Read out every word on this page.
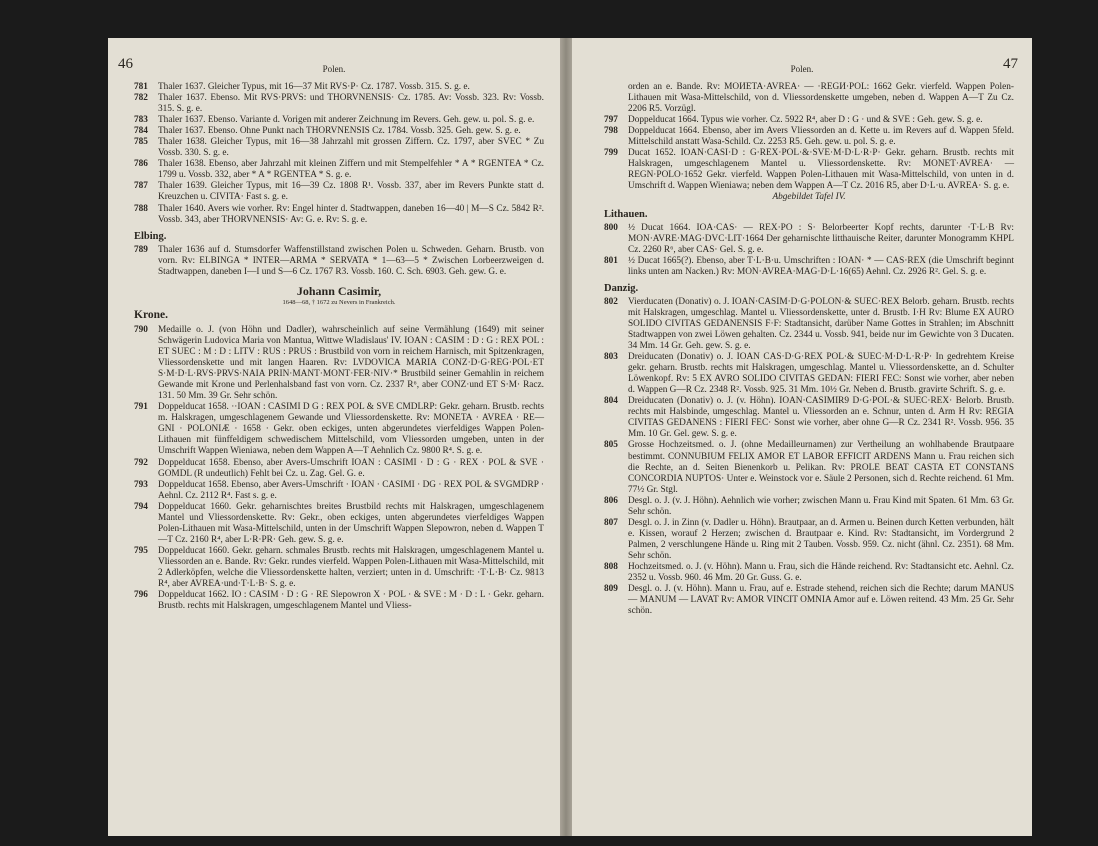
46	Polen.
781	Thaler 1637. Gleicher Typus, mit 16—37 Mit RVS·P· Cz. 1787. Vossb. 315. S. g. e.
782	Thaler 1637. Ebenso. Mit RVS·PRVS: und THORVNENSIS· Cz. 1785. Av: Vossb. 323. Rv: Vossb. 315. S. g. e.
783	Thaler 1637. Ebenso. Variante d. Vorigen mit anderer Zeichnung im Revers. Geh. gew. u. pol. S. g. e.
784	Thaler 1637. Ebenso. Ohne Punkt nach THORVNENSIS Cz. 1784. Vossb. 325. Geh. gew. S. g. e.
785	Thaler 1638. Gleicher Typus, mit 16—38 Jahrzahl mit grossen Ziffern. Cz. 1797, aber SVEC * Zu Vossb. 330. S. g. e.
786	Thaler 1638. Ebenso, aber Jahrzahl mit kleinen Ziffern und mit Stempelfehler * A * RGENTEA * Cz. 1799 u. Vossb. 332, aber * A * RGENTEA * S. g. e.
787	Thaler 1639. Gleicher Typus, mit 16—39 Cz. 1808 R¹. Vossb. 337, aber im Revers Punkte statt d. Kreuzchen u. CIVITA· Fast s. g. e.
788	Thaler 1640. Avers wie vorher. Rv: Engel hinter d. Stadtwappen, daneben 16—40 | M—S Cz. 5842 R². Vossb. 343, aber THORVNENSIS· Av: G. e. Rv: S. g. e.
Elbing.
789	Thaler 1636 auf d. Stumsdorfer Waffenstillstand zwischen Polen u. Schweden. Geharn. Brustb. von vorn. Rv: ELBINGA * INTER—ARMA * SERVATA * 1—63—5 * Zwischen Lorbeerzweigen d. Stadtwappen, daneben I—I und S—6 Cz. 1767 R3. Vossb. 160. C. Sch. 6903. Geh. gew. G. e.
Johann Casimir,
1648—68, † 1672 zu Nevers in Frankreich.
Krone.
790	Medaille o. J. (von Höhn und Dadler), wahrscheinlich auf seine Vermählung (1649) mit seiner Schwägerin Ludovica Maria von Mantua, Wittwe Wladislaus' IV. IOAN : CASIM : D : G : REX POL : ET SUEC : M : D : LITV : RUS : PRUS : Brustbild von vorn in reichem Harnisch, mit Spitzenkragen, Vliessordenskette und mit langen Haaren. Rv: LVDOVICA MARIA CONZ·D·G·REG·POL·ET S·M·D·L·RVS·PRVS·NAIA PRIN·MANT·MONT·FER·NIV·* Brustbild seiner Gemahlin in reichem Gewande mit Krone und Perlenhalsband fast von vorn. Cz. 2337 R⁶, aber CONZ·und ET S·M· Racz. 131. 50 Mm. 39 Gr. Sehr schön.
791	Doppelducat 1658. ··IOAN : CASIMI D G : REX POL & SVE CMDLRP: Gekr. geharn. Brustb. rechts m. Halskragen, umgeschlagenem Gewande und Vliessordenskette. Rv: MONETA · AVREA · RE—GNI · POLONIÆ · 1658 · Gekr. oben eckiges, unten abgerundetes vierfeldiges Wappen Polen-Lithauen mit fünffeldigem schwedischem Mittelschild, vom Vliessorden umgeben, unten in der Umschrift Wappen Wieniawa, neben dem Wappen A—T Aehnlich Cz. 9800 R⁴. S. g. e.
792	Doppelducat 1658. Ebenso, aber Avers-Umschrift IOAN : CASIMI · D : G · REX · POL & SVE · GOMDL (R undeutlich) Fehlt bei Cz. u. Zag. Gel. G. e.
793	Doppelducat 1658. Ebenso, aber Avers-Umschrift · IOAN · CASIMI · DG · REX POL & SVGMDRP · Aehnl. Cz. 2112 R⁴. Fast s. g. e.
794	Doppelducat 1660. Gekr. geharnischtes breites Brustbild rechts mit Halskragen, umgeschlagenem Mantel und Vliessordenskette. Rv: Gekr., oben eckiges, unten abgerundetes vierfeldiges Wappen Polen-Lithauen mit Wasa-Mittelschild, unten in der Umschrift Wappen Slepowron, neben d. Wappen T—T Cz. 2160 R⁴, aber L·R·PR· Geh. gew. S. g. e.
795	Doppelducat 1660. Gekr. geharn. schmales Brustb. rechts mit Halskragen, umgeschlagenem Mantel u. Vliessorden an e. Bande. Rv: Gekr. rundes vierfeld. Wappen Polen-Lithauen mit Wasa-Mittelschild, mit 2 Adlerköpfen, welche die Vliessordenskette halten, verziert; unten in d. Umschrift: ·T·L·B· Cz. 9813 R⁴, aber AVREA·und·T·L·B· S. g. e.
796	Doppelducat 1662. IO : CASIM · D : G · RE Slepowron X · POL · & SVE : M · D : L · Gekr. geharn. Brustb. rechts mit Halskragen, umgeschlagenem Mantel und Vliess-
Polen.	47
orden an e. Bande. Rv: MOИETA·AVREA· — ·REGИ·POL: 1662 Gekr. vierfeld. Wappen Polen-Lithauen mit Wasa-Mittelschild, von d. Vliessordenskette umgeben, neben d. Wappen A—T Zu Cz. 2206 R5. Vorzügl.
797	Doppelducat 1664. Typus wie vorher. Cz. 5922 R⁴, aber D : G · und & SVE : Geh. gew. S. g. e.
798	Doppelducat 1664. Ebenso, aber im Avers Vliessorden an d. Kette u. im Revers auf d. Wappen 5feld. Mittelschild anstatt Wasa-Schild. Cz. 2253 R5. Geh. gew. u. pol. S. g. e.
799	Ducat 1652. IOAN·CASI·D : G·REX·POL·&·SVE·M·D·L·R·P· Gekr. geharn. Brustb. rechts mit Halskragen, umgeschlagenem Mantel u. Vliessordenskette. Rv: MONET·AVREA· — REGN·POLO·1652 Gekr. vierfeld. Wappen Polen-Lithauen mit Wasa-Mittelschild, von unten in d. Umschrift d. Wappen Wieniawa; neben dem Wappen A—T Cz. 2016 R5, aber D·L·u. AVREA· S. g. e.
Abgebildet Tafel IV.
Lithauen.
800	½ Ducat 1664. IOA·CAS· — REX·PO : S· Belorbeerter Kopf rechts, darunter ·T·L·B Rv: MON·AVRE·MAG·DVC·LIT·1664 Der geharnischte litthauische Reiter, darunter Monogramm KHPL Cz. 2260 R⁶, aber CAS· Gel. S. g. e.
801	½ Ducat 1665(?). Ebenso, aber T·L·B·u. Umschriften : IOAN· * — CAS·REX (die Umschrift beginnt links unten am Nacken.) Rv: MON·AVREA·MAG·D·L·16(65) Aehnl. Cz. 2926 R². Gel. S. g. e.
Danzig.
802	Vierducaten (Donativ) o. J. IOAN·CASIM·D·G·POLON·& SUEC·REX Belorb. geharn. Brustb. rechts mit Halskragen, umgeschlag. Mantel u. Vliessordenskette, unter d. Brustb. I·H Rv: Blume EX AURO SOLIDO CIVITAS GEDANENSIS F·F: Stadtansicht, darüber Name Gottes in Strahlen; im Abschnitt Stadtwappen von zwei Löwen gehalten. Cz. 2344 u. Vossb. 941, beide nur im Gewichte von 3 Ducaten. 34 Mm. 14 Gr. Geh. gew. S. g. e.
803	Dreiducaten (Donativ) o. J. IOAN CAS·D·G·REX POL·& SUEC·M·D·L·R·P· In gedrehtem Kreise gekr. geharn. Brustb. rechts mit Halskragen, umgeschlag. Mantel u. Vliessordenskette, an d. Schulter Löwenkopf. Rv: 5 EX AVRO SOLIDO CIVITAS GEDAN: FIERI FEC: Sonst wie vorher, aber neben d. Wappen G—R Cz. 2348 R². Vossb. 925. 31 Mm. 10½ Gr. Neben d. Brustb. gravirte Schrift. S. g. e.
804	Dreiducaten (Donativ) o. J. (v. Höhn). IOAN·CASIMIR9 D·G·POL·& SUEC·REX· Belorb. Brustb. rechts mit Halsbinde, umgeschlag. Mantel u. Vliessorden an e. Schnur, unten d. Arm H Rv: REGIA CIVITAS GEDANENS : FIERI FEC· Sonst wie vorher, aber ohne G—R Cz. 2341 R². Vossb. 956. 35 Mm. 10 Gr. Gel. gew. S. g. e.
805	Grosse Hochzeitsmed. o. J. (ohne Medailleurnamen) zur Vertheilung an wohlhabende Brautpaare bestimmt. CONNUBIUM FELIX AMOR ET LABOR EFFICIT ARDENS Mann u. Frau reichen sich die Rechte, an d. Seiten Bienenkorb u. Pelikan. Rv: PROLE BEAT CASTA ET CONSTANS CONCORDIA NUPTOS· Unter e. Weinstock vor e. Säule 2 Personen, sich d. Rechte reichend. 61 Mm. 77½ Gr. Stgl.
806	Desgl. o. J. (v. J. Höhn). Aehnlich wie vorher; zwischen Mann u. Frau Kind mit Spaten. 61 Mm. 63 Gr. Sehr schön.
807	Desgl. o. J. in Zinn (v. Dadler u. Höhn). Brautpaar, an d. Armen u. Beinen durch Ketten verbunden, hält e. Kissen, worauf 2 Herzen; zwischen d. Brautpaar e. Kind. Rv: Stadtansicht, im Vordergrund 2 Palmen, 2 verschlungene Hände u. Ring mit 2 Tauben. Vossb. 959. Cz. nicht (ähnl. Cz. 2351). 68 Mm. Sehr schön.
808	Hochzeitsmed. o. J. (v. Höhn). Mann u. Frau, sich die Hände reichend. Rv: Stadtansicht etc. Aehnl. Cz. 2352 u. Vossb. 960. 46 Mm. 20 Gr. Guss. G. e.
809	Desgl. o. J. (v. Höhn). Mann u. Frau, auf e. Estrade stehend, reichen sich die Rechte; darum MANUS — MANUM — LAVAT Rv: AMOR VINCIT OMNIA Amor auf e. Löwen reitend. 43 Mm. 25 Gr. Sehr schön.
